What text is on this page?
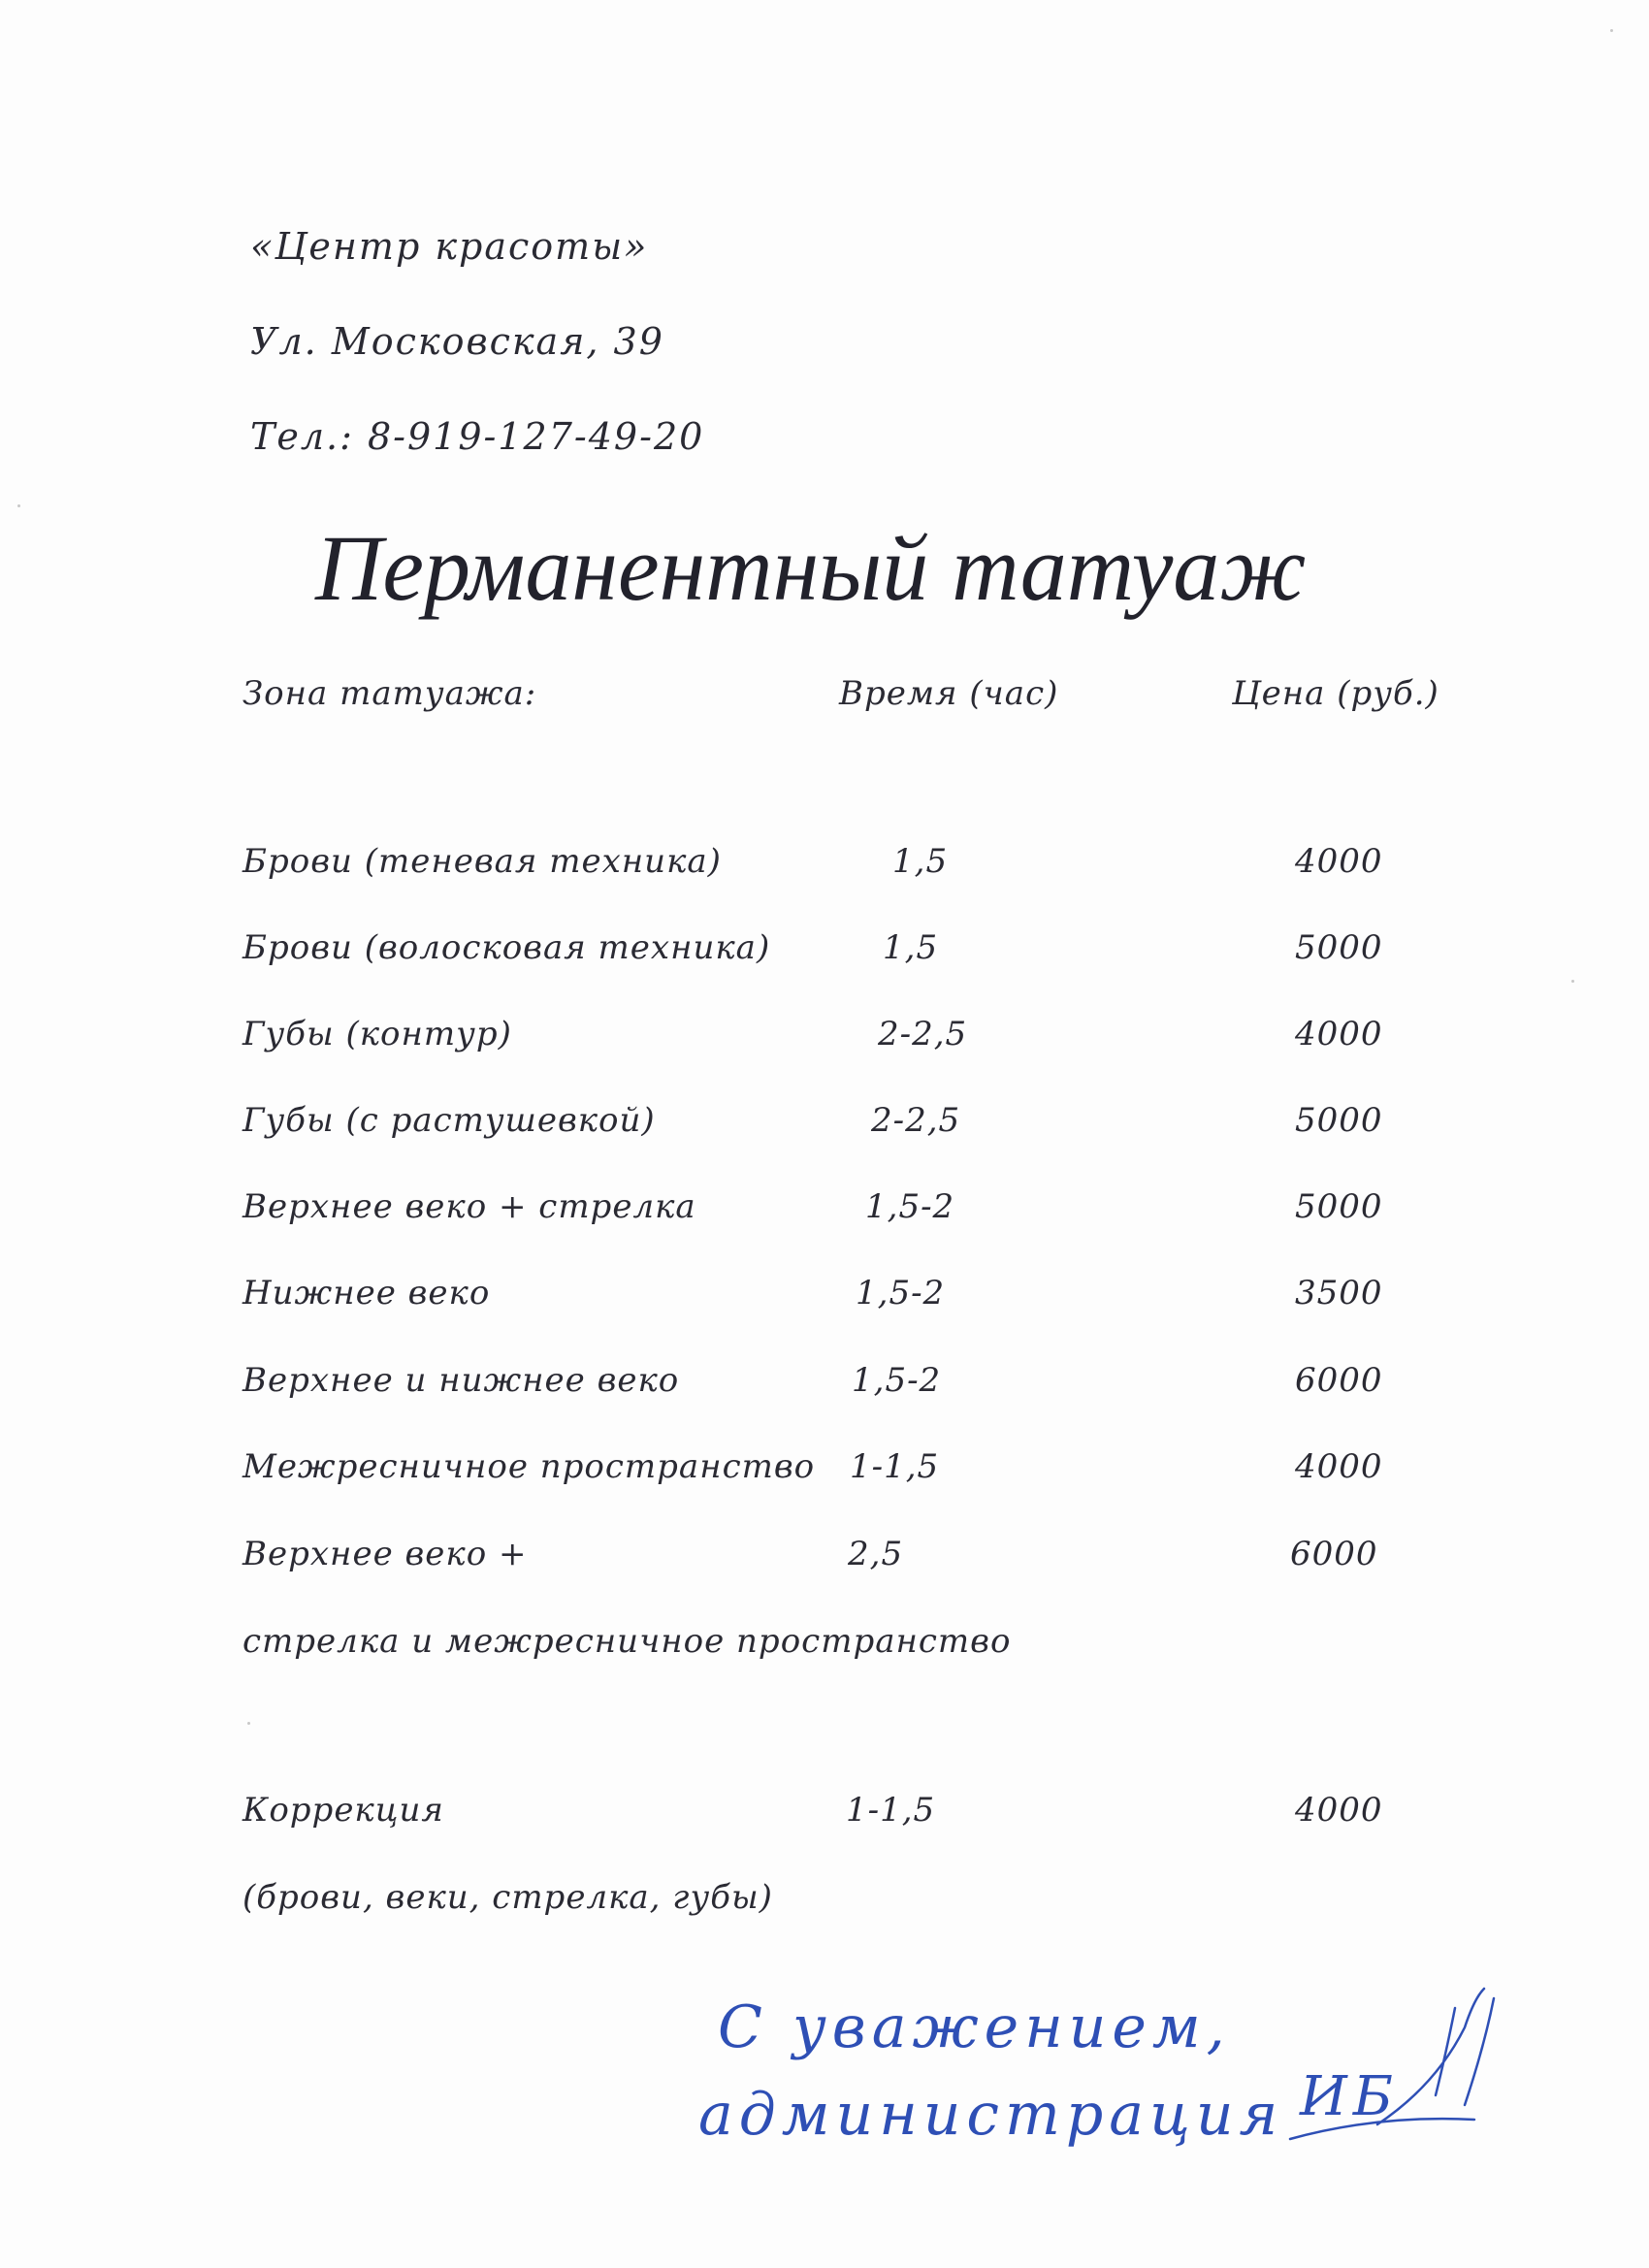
«Центр красоты»
Ул. Московская, 39
Тел.: 8-919-127-49-20
Перманентный татуаж
Зона татуажа:	Время (час)	Цена (руб.)
Брови (теневая техника)	1,5	4000
Брови (волосковая техника)	1,5	5000
Губы (контур)	2-2,5	4000
Губы (с растушевкой)	2-2,5	5000
Верхнее веко + стрелка	1,5-2	5000
Нижнее веко	1,5-2	3500
Верхнее и нижнее веко	1,5-2	6000
Межресничное пространство 1-1,5	4000
Верхнее веко +	2,5	6000
стрелка и межресничное пространство
Коррекция	1-1,5	4000
(брови, веки, стрелка, губы)
С уважением,
администрация ИБ
